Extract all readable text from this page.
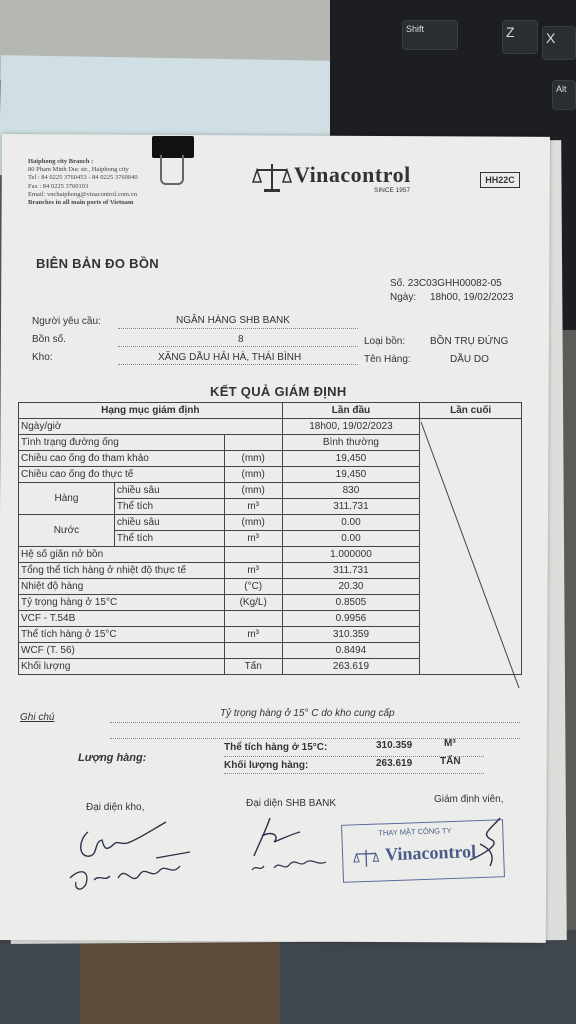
Shift	Z	X
Alt
Haiphong city Branch :
80 Pham Minh Duc str., Haiphong city
Tel : 84 0225 3760453 - 84 0225 3760040
Fax : 84 0225 3760103
Email: vnchaiphong@vinacontrol.com.vn
Branches in all main ports of Vietnam
Vinacontrol
SINCE 1957
HH22C
BIÊN BẢN ĐO BỒN
Số. 23C03GHH00082-05
Ngày: 18h00, 19/02/2023
Người yêu cầu:	NGÂN HÀNG SHB BANK
Bồn số.	8	Loại bồn: BỒN TRỤ ĐỨNG
Kho:	XĂNG DẦU HẢI HÀ, THÁI BÌNH	Tên Hàng:	DẦU DO
KẾT QUẢ GIÁM ĐỊNH
Hạng mục giám định			Lần đầu	Lần cuối
Ngày/giờ			18h00, 19/02/2023	
Tình trạng đường ống			Bình thường	
Chiều cao ống đo tham khảo		(mm)	19,450	
Chiều cao ống đo thực tế		(mm)	19,450	
Hàng	chiều sâu	(mm)	830	
	Thể tích	m³	311.731	
Nước	chiều sâu	(mm)	0.00	
	Thể tích	m³	0.00	
Hệ số giãn nở bồn			1.000000	
Tổng thể tích hàng ở nhiệt độ thực tế		m³	311.731	
Nhiệt độ hàng		(°C)	20.30	
Tỷ trọng hàng ở 15°C		(Kg/L)	0.8505	
VCF - T.54B			0.9956	
Thể tích hàng ở 15°C		m³	310.359	
WCF (T. 56)			0.8494	
Khối lượng		Tấn	263.619	
Ghi chú	Tỷ trọng hàng ở 15° C do kho cung cấp
Lượng hàng:
Thể tích hàng ở 15°C:	310.359	M³
Khối lượng hàng:	263.619	TẤN
Đại diện kho,	Đại diện SHB BANK	Giám định viên,
THAY MẶT CÔNG TY
Vinacontrol
